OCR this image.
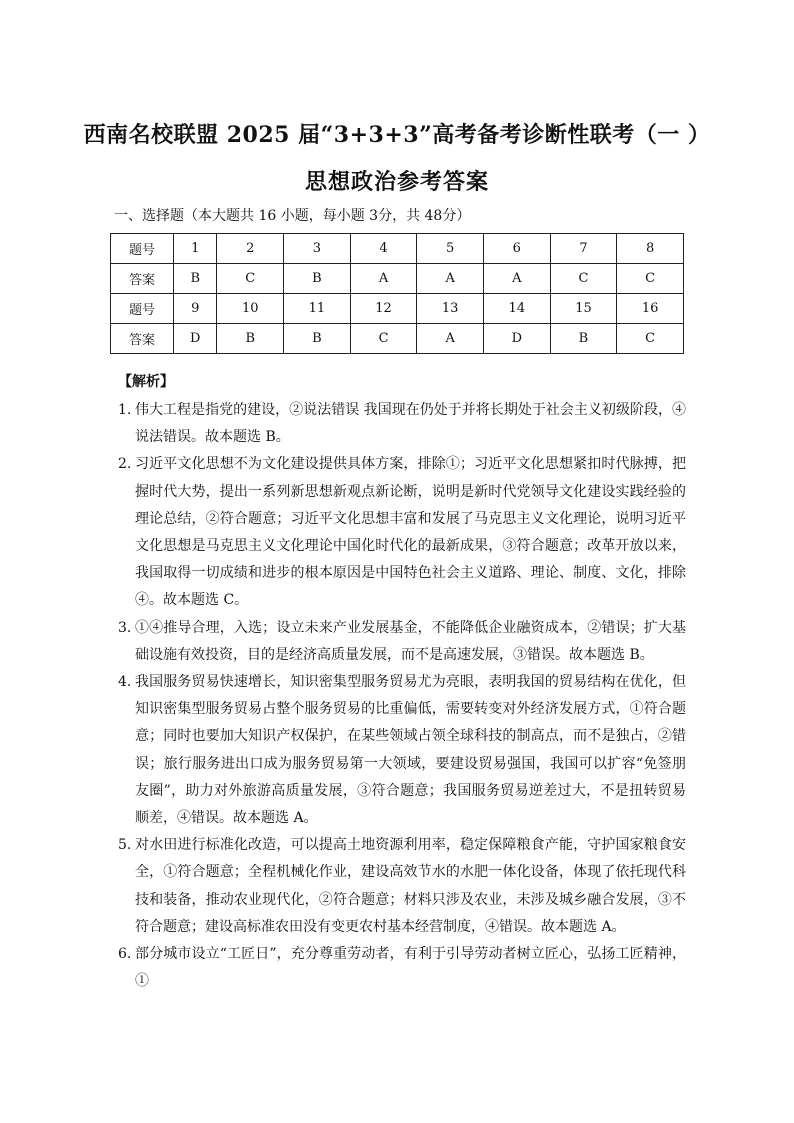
西南名校联盟 2025 届“3+3+3”高考备考诊断性联考（一 ）
思想政治参考答案
一、选择题（本大题共 16 小题，每小题 3分，共 48分）
题号	1	2	3	4	5	6	7	8
答案	B	C	B	A	A	A	C	C
题号	9	10	11	12	13	14	15	16
答案	D	B	B	C	A	D	B	C
【解析】
1. 伟大工程是指党的建设，②说法错误 我国现在仍处于并将长期处于社会主义初级阶段，④说法错误。故本题选 B。
2. 习近平文化思想不为文化建设提供具体方案，排除①；习近平文化思想紧扣时代脉搏，把握时代大势，提出一系列新思想新观点新论断，说明是新时代党领导文化建设实践经验的理论总结，②符合题意；习近平文化思想丰富和发展了马克思主义文化理论，说明习近平文化思想是马克思主义文化理论中国化时代化的最新成果，③符合题意；改革开放以来，我国取得一切成绩和进步的根本原因是中国特色社会主义道路、理论、制度、文化，排除④。故本题选 C。
3. ①④推导合理，入选；设立未来产业发展基金，不能降低企业融资成本，②错误；扩大基础设施有效投资，目的是经济高质量发展，而不是高速发展，③错误。故本题选 B。
4. 我国服务贸易快速增长，知识密集型服务贸易尤为亮眼，表明我国的贸易结构在优化，但知识密集型服务贸易占整个服务贸易的比重偏低，需要转变对外经济发展方式，①符合题意；同时也要加大知识产权保护，在某些领域占领全球科技的制高点，而不是独占，②错误；旅行服务进出口成为服务贸易第一大领域，要建设贸易强国，我国可以扩容“免签朋友圈”，助力对外旅游高质量发展，③符合题意；我国服务贸易逆差过大，不是扭转贸易顺差，④错误。故本题选 A。
5. 对水田进行标准化改造，可以提高土地资源利用率，稳定保障粮食产能，守护国家粮食安全，①符合题意；全程机械化作业，建设高效节水的水肥一体化设备，体现了依托现代科技和装备，推动农业现代化，②符合题意；材料只涉及农业，未涉及城乡融合发展，③不符合题意；建设高标准农田没有变更农村基本经营制度，④错误。故本题选 A。
6. 部分城市设立“工匠日”，充分尊重劳动者，有利于引导劳动者树立匠心，弘扬工匠精神，①
